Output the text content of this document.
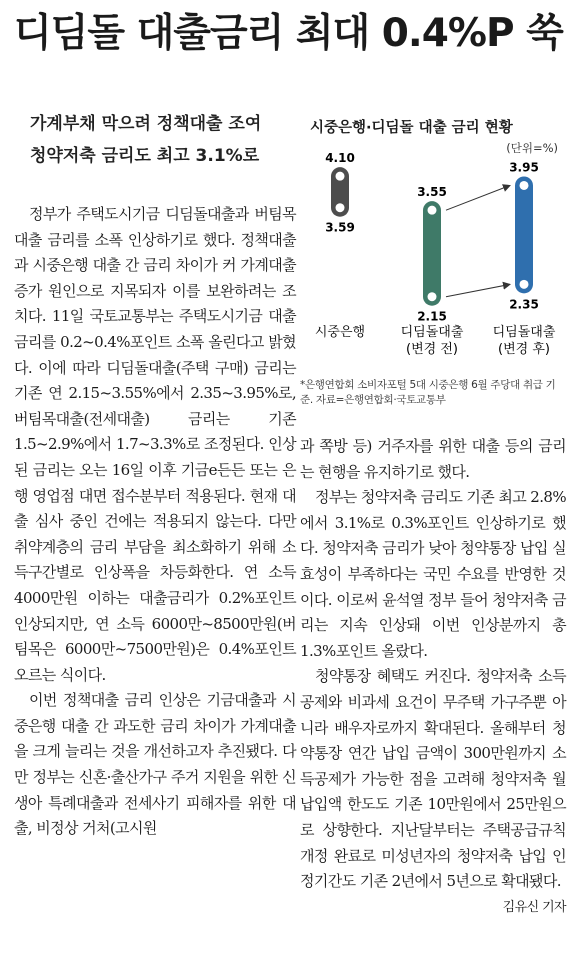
디딤돌 대출금리 최대 0.4%P 쑥
가계부채 막으려 정책대출 조여
청약저축 금리도 최고 3.1%로

정부가 주택도시기금 디딤돌대출과 버팀목대출 금리를 소폭 인상하기로 했다. 정책대출과 시중은행 대출 간 금리 차이가 커 가계대출 증가 원인으로 지목되자 이를 보완하려는 조치다. 11일 국토교통부는 주택도시기금 대출 금리를 0.2~0.4%포인트 소폭 올린다고 밝혔다. 이에 따라 디딤돌대출(주택 구매) 금리는 기존 연 2.15~3.55%에서 2.35~3.95%로, 버팀목대출(전세대출) 금리는 기존 1.5~2.9%에서 1.7~3.3%로 조정된다. 인상된 금리는 오는 16일 이후 기금e든든 또는 은행 영업점 대면 접수분부터 적용된다. 현재 대출 심사 중인 건에는 적용되지 않는다. 다만 취약계층의 금리 부담을 최소화하기 위해 소득구간별로 인상폭을 차등화한다. 연 소득 4000만원 이하는 대출금리가 0.2%포인트 인상되지만, 연 소득 6000만~8500만원(버팀목은 6000만~7500만원)은 0.4%포인트 오르는 식이다.

이번 정책대출 금리 인상은 기금대출과 시중은행 대출 간 과도한 금리 차이가 가계대출을 크게 늘리는 것을 개선하고자 추진됐다. 다만 정부는 신혼·출산가구 주거 지원을 위한 신생아 특례대출과 전세사기 피해자를 위한 대출, 비정상 거처(고시원

시중은행·디딤돌 대출 금리 현황
(단위=%)
4.10
3.59
시중은행
3.55
2.15
디딤돌대출
(변경 전)
3.95
2.35
디딤돌대출
(변경 후)
*은행연합회 소비자포털 5대 시중은행 6월 주당대 취급 기준. 자료=은행연합회·국토교통부

과 쪽방 등) 거주자를 위한 대출 등의 금리는 현행을 유지하기로 했다.

정부는 청약저축 금리도 기존 최고 2.8%에서 3.1%로 0.3%포인트 인상하기로 했다. 청약저축 금리가 낮아 청약통장 납입 실효성이 부족하다는 국민 수요를 반영한 것이다. 이로써 윤석열 정부 들어 청약저축 금리는 지속 인상돼 이번 인상분까지 총 1.3%포인트 올랐다.

청약통장 혜택도 커진다. 청약저축 소득공제와 비과세 요건이 무주택 가구주뿐 아니라 배우자로까지 확대된다. 올해부터 청약통장 연간 납입 금액이 300만원까지 소득공제가 가능한 점을 고려해 청약저축 월 납입액 한도도 기존 10만원에서 25만원으로 상향한다. 지난달부터는 주택공급규칙 개정 완료로 미성년자의 청약저축 납입 인정기간도 기존 2년에서 5년으로 확대됐다.

김유신 기자
